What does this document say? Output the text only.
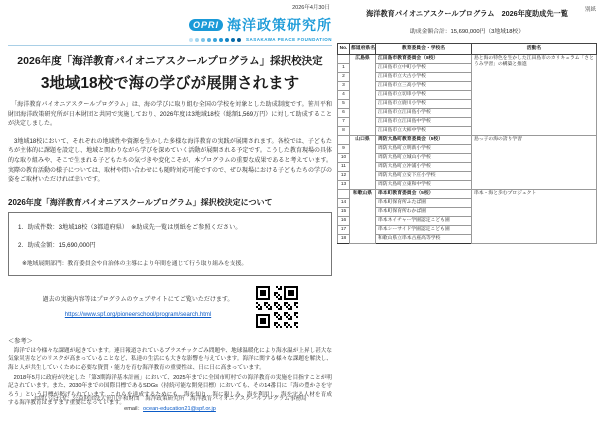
2026年4月30日
OPRI 海洋政策研究所
SASAKAWA PEACE FOUNDATION
2026年度「海洋教育パイオニアスクールプログラム」採択校決定
3地域18校で海の学びが展開されます

　「海洋教育パイオニアスクールプログラム」は、海の学びに取り組む全国の学校を対象とした助成制度です。笹川平和財団海洋政策研究所が日本財団と共同で実施しており、2026年度は3地域18校（総額1,569万円）に対して助成することが決定しました。

　3地域18校において、それぞれの地域性や資源を生かした多様な海洋教育の実践が展開されます。各校では、子どもたちが主体的に課題を設定し、地域と関わりながら学びを深めていく活動が展開される予定です。こうした教育現場の具体的な取り組みや、そこで生まれる子どもたちの気づきや変化こそが、本プログラムの重要な成果であると考えています。実際の教育活動の様子については、取材や問い合わせにも随時対応可能ですので、ぜひ現場における子どもたちの学びの姿をご取材いただければ幸いです。

2026年度「海洋教育パイオニアスクールプログラム」採択校決定について
1．助成件数：3地域18校（3都道府県）　※助成先一覧は別紙をご参照ください。
2．助成金額：15,690,000円
※地域展開部門：教育委員会や自治体の主導により年間を通じて行う取り組みを支援。
過去の実施内容等はプログラムのウェブサイトにてご覧いただけます。
https://www.spf.org/pioneerschool/program/search.html
＜参考＞

　海洋では今様々な課題が起きています。連日報道されているプラスチックごみ問題や、地球温暖化により海水温が上昇し甚大な気象災害などのリスクが高まっていることなど、私達の生活にも大きな影響を与えています。海洋に関する様々な課題を解決し、海と人が共生していくために必要な資質・能力を育む海洋教育の重要性は、日に日に高まっています。

　2018年5月に政府が決定した「第3期海洋基本計画」において、2025年までに全国市町村での海洋教育の実施を目指すことが明記されています。また、2030年までの国際目標であるSDGs（持続可能な開発目標）においても、その14番目に「海の豊かさを守ろう」という目標が掲げられています。これらを達成するためにも、海を知り、海に親しみ、海を利用し、海を守る人材を育成する海洋教育はますます重要になっています。

お問い合わせ：公益財団法人笹川平和財団　海洋政策研究所　海洋教育パイオニアスクールプログラム事務局
email：ocean-education21@spf.or.jp
別紙
海洋教育パイオニアスクールプログラム　2026年度助成先一覧
助成金額合計：15,690,000円（3地域18校）
No.	都道府県名	教育委員会・学校名	活動名
	広島県	江田島市教育委員会（8校）	島と海の特色を生かした江田島市のカリキュラム「さとうみ学習」の構築と推進
1		江田島市立中町小学校	
2		江田島市立大古小学校	
3		江田島市立三高小学校	
4		江田島市立切串小学校	
5		江田島市立鹿川小学校	
6		江田島市立江田島小学校	
7		江田島市立江田島中学校	
8		江田島市立大柿中学校	
	山口県	周防大島町教育委員会（5校）	島っ子の海の誇り学習
9		周防大島町立明新小学校	
10		周防大島町立城山小学校	
11		周防大島町立沖浦小学校	
12		周防大島町立安下庄小学校	
13		周防大島町立東和中学校	
	和歌山県	串本町教育委員会（5校）	串本・海と歩むプロジェクト
14		串本町保育所ふたば園	
15		串本町保育所わかば園	
16		串本ネイチャー学園認定こども園	
17		串本シーサイド学園認定こども園	
18		和歌山県立串本古座高等学校	
